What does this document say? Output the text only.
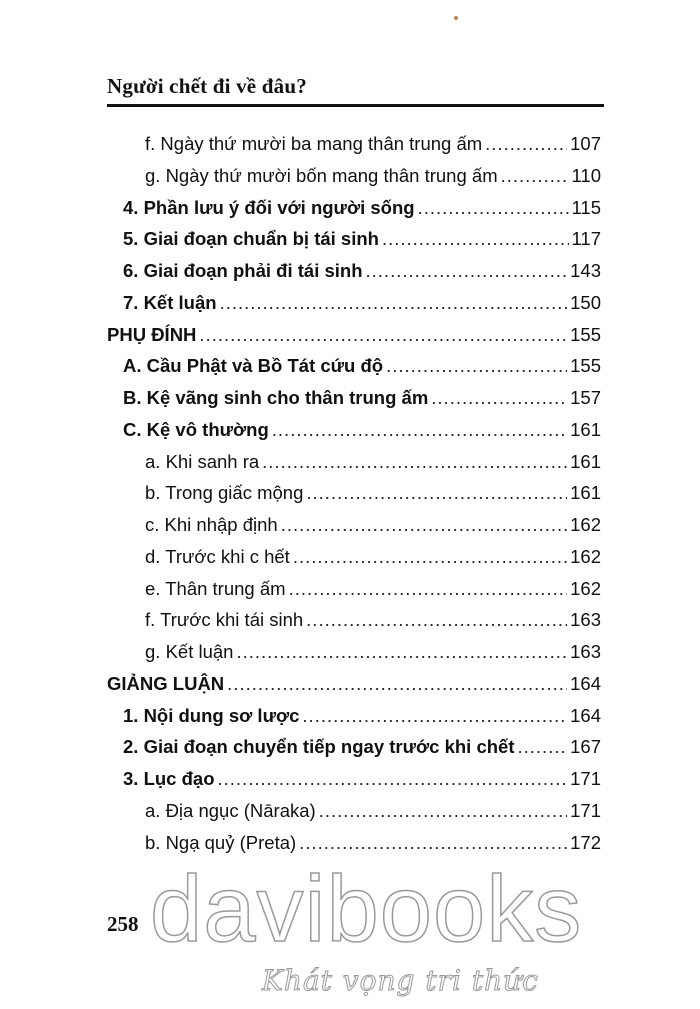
Người chết đi về đâu?
f. Ngày thứ mười ba mang thân trung ấm .....	107
g. Ngày thứ mười bốn mang thân trung ấm .....	110
4. Phần lưu ý đối với người sống .....	115
5. Giai đoạn chuẩn bị tái sinh .....	117
6. Giai đoạn phải đi tái sinh .....	143
7. Kết luận .....	150
PHỤ ĐÍNH .....	155
A. Cầu Phật và Bồ Tát cứu độ .....	155
B. Kệ vãng sinh cho thân trung ấm .....	157
C. Kệ vô thường .....	161
a. Khi sanh ra .....	161
b. Trong giấc mộng .....	161
c. Khi nhập định .....	162
d. Trước khi c hết .....	162
e. Thân trung ấm .....	162
f. Trước khi tái sinh .....	163
g. Kết luận .....	163
GIẢNG LUẬN .....	164
1. Nội dung sơ lược .....	164
2. Giai đoạn chuyển tiếp ngay trước khi chết .....	167
3. Lục đạo .....	171
a. Địa ngục (Nāraka) .....	171
b. Ngạ quỷ (Preta) .....	172
258 davibooks
Khát vọng tri thức
